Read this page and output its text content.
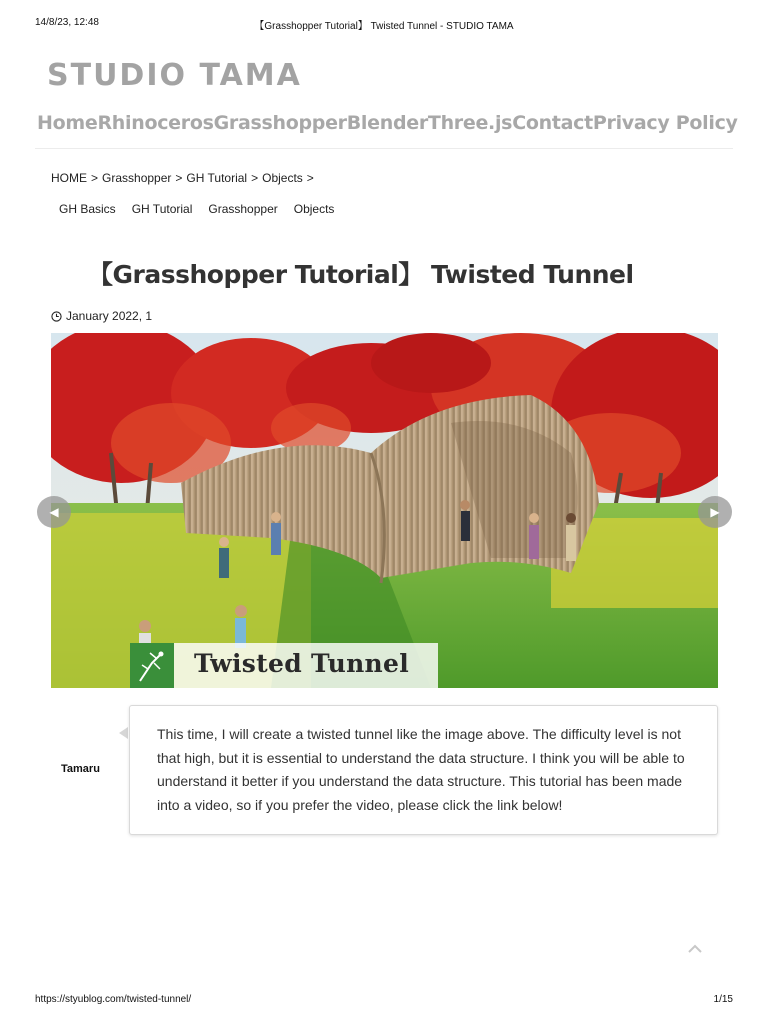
14/8/23, 12:48	【Grasshopper Tutorial】 Twisted Tunnel - STUDIO TAMA
STUDIO TAMA
Home Rhinoceros Grasshopper Blender Three.js Contact Privacy Policy
HOME > Grasshopper > GH Tutorial > Objects >
GH Basics	GH Tutorial	Grasshopper	Objects
【Grasshopper Tutorial】 Twisted Tunnel
January 2022, 1
◀	▶
Twisted Tunnel
Tamaru

This time, I will create a twisted tunnel like the image above. The difficulty level is not that high, but it is essential to understand the data structure. I think you will be able to understand it better if you understand the data structure. This tutorial has been made into a video, so if you prefer the video, please click the link below!

https://styublog.com/twisted-tunnel/	1/15
